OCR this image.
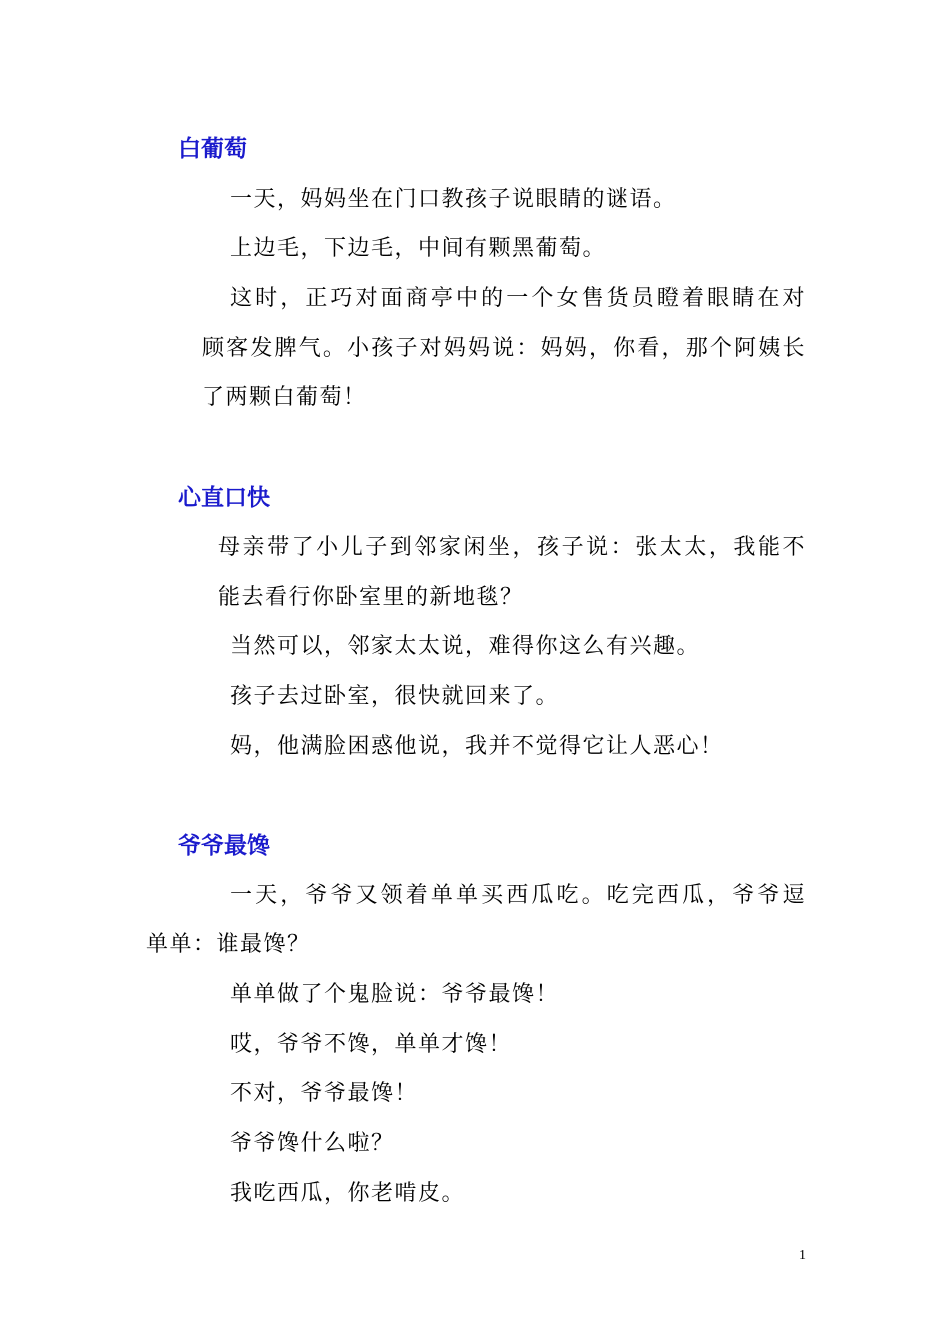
白葡萄

一天，妈妈坐在门口教孩子说眼睛的谜语。

上边毛，下边毛，中间有颗黑葡萄。

这时，正巧对面商亭中的一个女售货员瞪着眼睛在对

顾客发脾气。小孩子对妈妈说：妈妈，你看，那个阿姨长

了两颗白葡萄！

心直口快

母亲带了小儿子到邻家闲坐，孩子说：张太太，我能不

能去看行你卧室里的新地毯？

当然可以，邻家太太说，难得你这么有兴趣。

孩子去过卧室，很快就回来了。

妈，他满脸困惑他说，我并不觉得它让人恶心！

爷爷最馋

一天，爷爷又领着单单买西瓜吃。吃完西瓜，爷爷逗

单单：谁最馋？

单单做了个鬼脸说：爷爷最馋！

哎，爷爷不馋，单单才馋！

不对，爷爷最馋！

爷爷馋什么啦？

我吃西瓜，你老啃皮。

1
